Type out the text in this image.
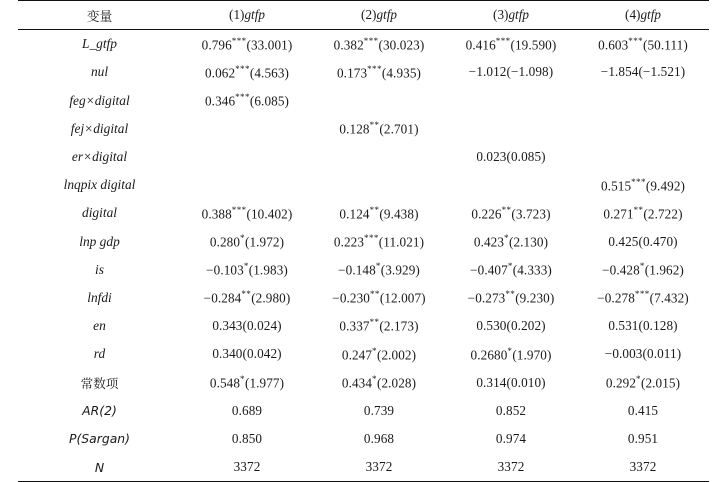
变量	(1)gtfp	(2)gtfp	(3)gtfp	(4)gtfp
L_gtfp	0.796***(33.001)	0.382***(30.023)	0.416***(19.590)	0.603***(50.111)
nul	0.062***(4.563)	0.173***(4.935)	−1.012(−1.098)	−1.854(−1.521)
feg×digital	0.346***(6.085)			
fej×digital		0.128**(2.701)		
er×digital			0.023(0.085)	
lnqpix digital				0.515***(9.492)
digital	0.388***(10.402)	0.124**(9.438)	0.226**(3.723)	0.271**(2.722)
lnp gdp	0.280*(1.972)	0.223***(11.021)	0.423*(2.130)	0.425(0.470)
is	−0.103*(1.983)	−0.148*(3.929)	−0.407*(4.333)	−0.428*(1.962)
lnfdi	−0.284**(2.980)	−0.230**(12.007)	−0.273**(9.230)	−0.278***(7.432)
en	0.343(0.024)	0.337**(2.173)	0.530(0.202)	0.531(0.128)
rd	0.340(0.042)	0.247*(2.002)	0.2680*(1.970)	−0.003(0.011)
常数项	0.548*(1.977)	0.434*(2.028)	0.314(0.010)	0.292*(2.015)
AR(2)	0.689	0.739	0.852	0.415
P(Sargan)	0.850	0.968	0.974	0.951
N	3372	3372	3372	3372
